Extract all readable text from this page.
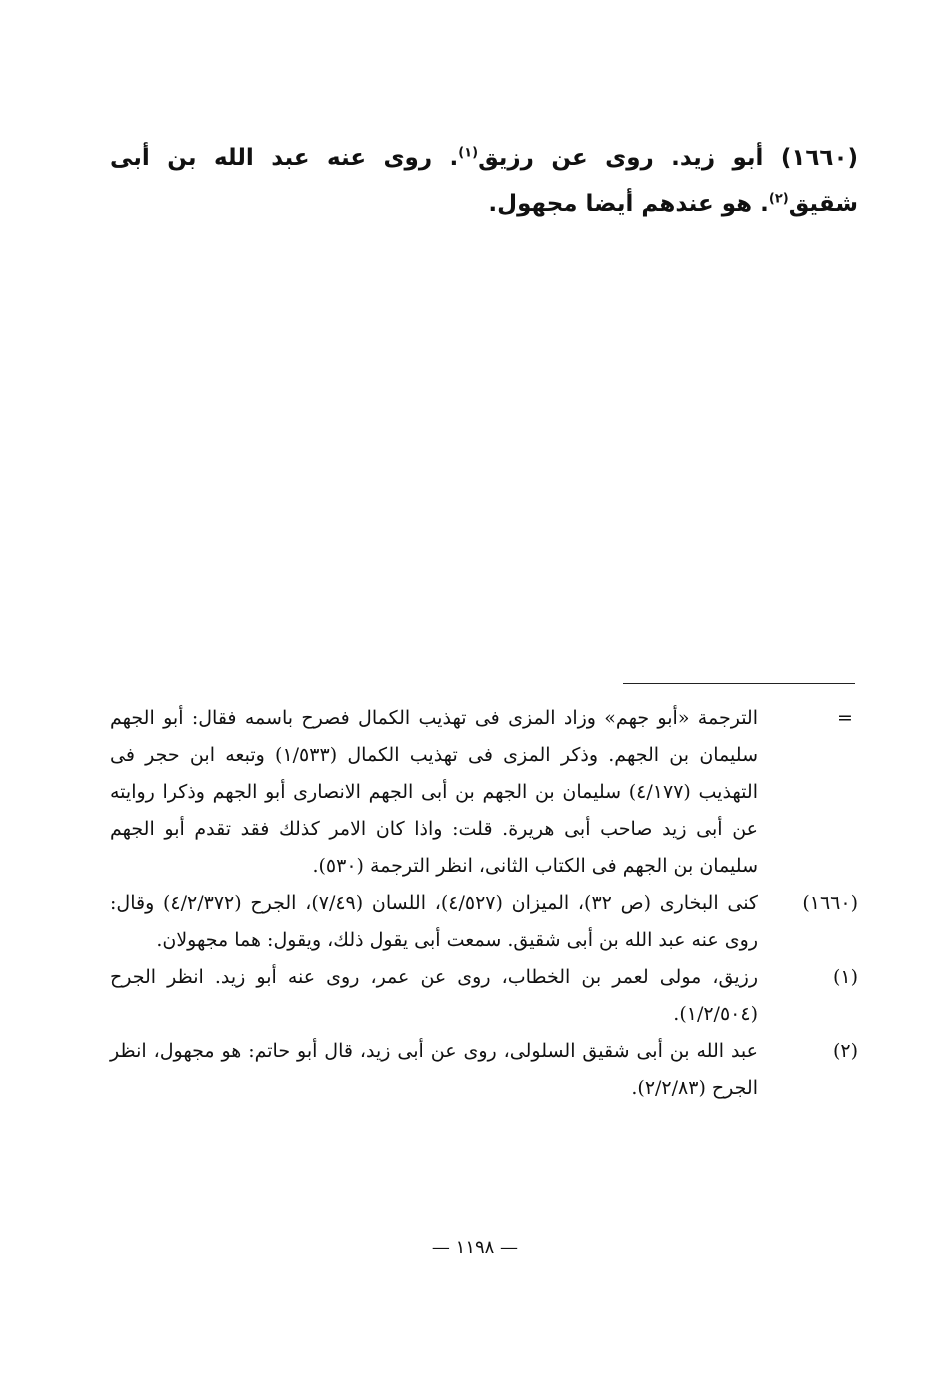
(١٦٦٠) أبو زيد. روى عن رزيق$^{(١)}$. روى عنه عبد الله بن أبى شقيق$^{(٢)}$. هو عندهم أيضا مجهول.

=
الترجمة «أبو جهم» وزاد المزى فى تهذيب الكمال فصرح باسمه فقال: أبو الجهم سليمان بن الجهم. وذكر المزى فى تهذيب الكمال (١/٥٣٣) وتبعه ابن حجر فى التهذيب (٤/١٧٧) سليمان بن الجهم بن أبى الجهم الانصارى أبو الجهم وذكرا روايته عن أبى زيد صاحب أبى هريرة. قلت: واذا كان الامر كذلك فقد تقدم أبو الجهم سليمان بن الجهم فى الكتاب الثانى، انظر الترجمة (٥٣٠).
(١٦٦٠)
كنى البخارى (ص ٣٢)، الميزان (٤/٥٢٧)، اللسان (٧/٤٩)، الجرح (٤/٢/٣٧٢) وقال: روى عنه عبد الله بن أبى شقيق. سمعت أبى يقول ذلك، ويقول: هما مجهولان.
(١)
رزيق، مولى لعمر بن الخطاب، روى عن عمر، روى عنه أبو زيد. انظر الجرح (١/٢/٥٠٤).
(٢)
عبد الله بن أبى شقيق السلولى، روى عن أبى زيد، قال أبو حاتم: هو مجهول، انظر الجرح (٢/٢/٨٣).
— ١١٩٨ —
